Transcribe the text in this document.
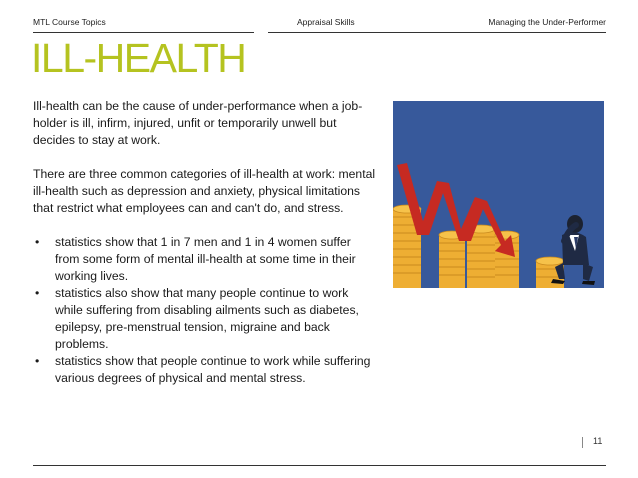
MTL Course Topics	Appraisal Skills	Managing the Under-Performer
ILL-HEALTH

Ill-health can be the cause of under-performance when a job-holder is ill, infirm, injured, unfit or temporarily unwell but decides to stay at work.

There are three common categories of ill-health at work: mental ill-health such as depression and anxiety, physical limitations that restrict what employees can and can't do, and stress.

• statistics show that 1 in 7 men and 1 in 4 women suffer from some form of mental ill-health at some time in their working lives.
• statistics also show that many people continue to work while suffering from disabling ailments such as diabetes, epilepsy, pre-menstrual tension, migraine and back problems.
• statistics show that people continue to work while suffering various degrees of physical and mental stress.
11
